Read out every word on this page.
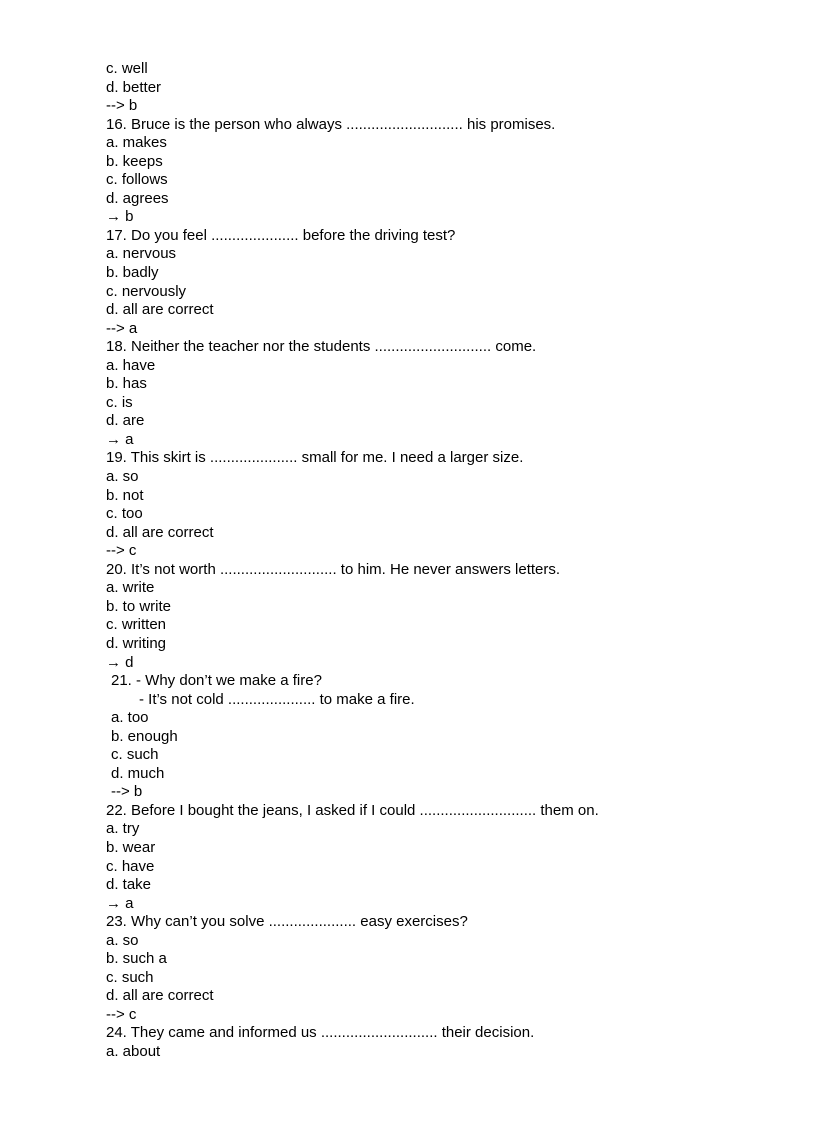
c. well
d. better
--> b
16. Bruce is the person who always ............................ his promises.
a. makes
b. keeps
c. follows
d. agrees
→ b
17. Do you feel ..................... before the driving test?
a. nervous
b. badly
c. nervously
d. all are correct
--> a
18. Neither the teacher nor the students ............................ come.
a. have
b. has
c. is
d. are
→ a
19. This skirt is ..................... small for me. I need a larger size.
a. so
b. not
c. too
d. all are correct
--> c
20. It’s not worth ............................ to him. He never answers letters.
a. write
b. to write
c. written
d. writing
→ d
21. - Why don’t we make a fire?
- It’s not cold ..................... to make a fire.
a. too
b. enough
c. such
d. much
--> b
22. Before I bought the jeans, I asked if I could ............................ them on.
a. try
b. wear
c. have
d. take
→ a
23. Why can’t you solve ..................... easy exercises?
a. so
b. such a
c. such
d. all are correct
--> c
24. They came and informed us ............................ their decision.
a. about
